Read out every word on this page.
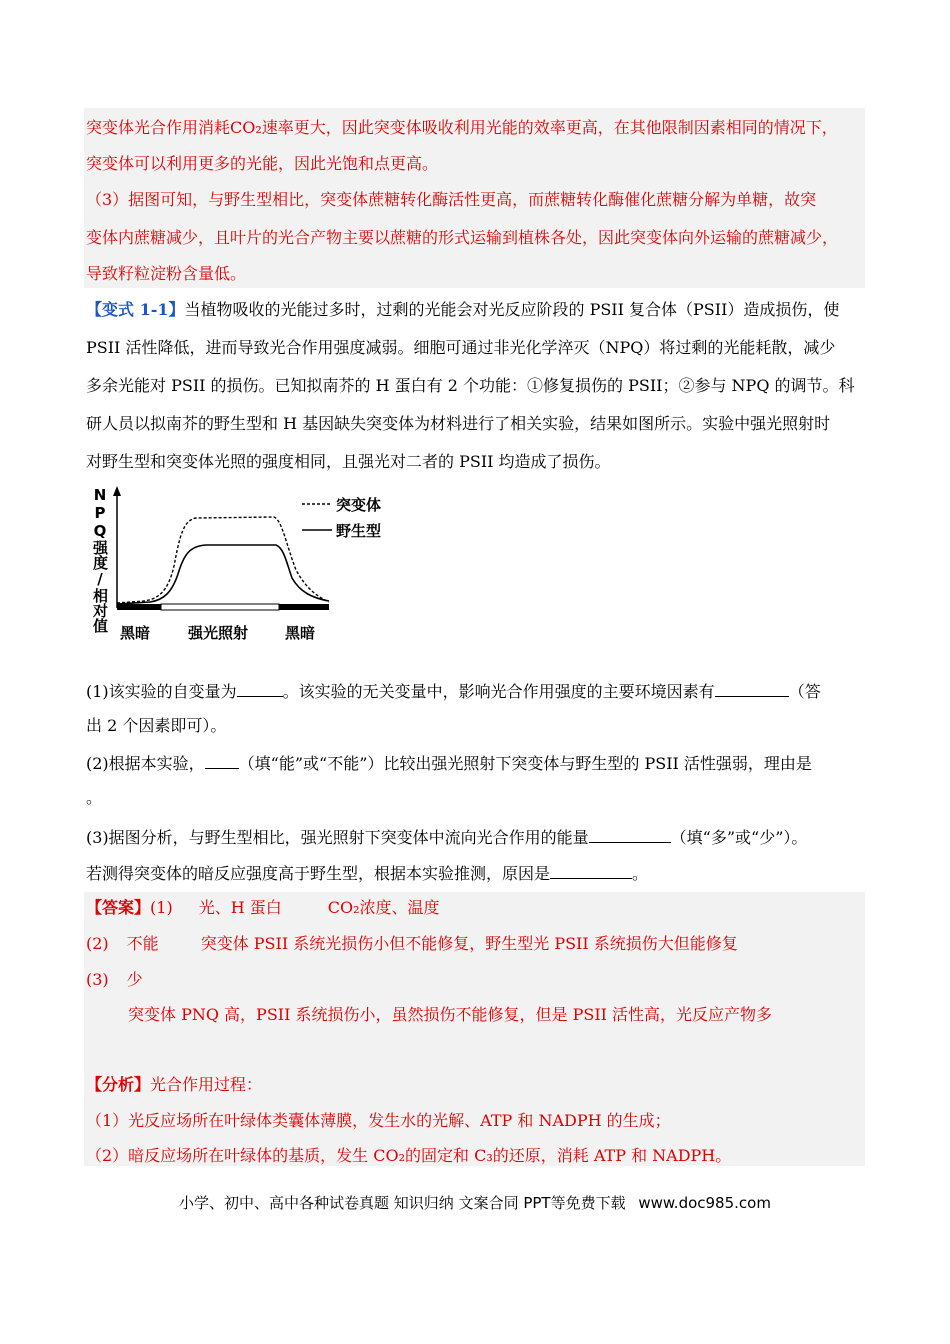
突变体光合作用消耗CO₂速率更大，因此突变体吸收利用光能的效率更高，在其他限制因素相同的情况下，
突变体可以利用更多的光能，因此光饱和点更高。
（3）据图可知，与野生型相比，突变体蔗糖转化酶活性更高，而蔗糖转化酶催化蔗糖分解为单糖，故突
变体内蔗糖减少，且叶片的光合产物主要以蔗糖的形式运输到植株各处，因此突变体向外运输的蔗糖减少，
导致籽粒淀粉含量低。
【变式 1-1】当植物吸收的光能过多时，过剩的光能会对光反应阶段的 PSII 复合体（PSII）造成损伤，使
PSII 活性降低，进而导致光合作用强度减弱。细胞可通过非光化学淬灭（NPQ）将过剩的光能耗散，减少
多余光能对 PSII 的损伤。已知拟南芥的 H 蛋白有 2 个功能：①修复损伤的 PSII；②参与 NPQ 的调节。科
研人员以拟南芥的野生型和 H 基因缺失突变体为材料进行了相关实验，结果如图所示。实验中强光照射时
对野生型和突变体光照的强度相同，且强光对二者的 PSII 均造成了损伤。
NPQ强度/相对值	突变体
野生型
黑暗	强光照射 黑暗
(1)该实验的自变量为	。该实验的无关变量中，影响光合作用强度的主要环境因素有	（答
出 2 个因素即可）。
(2)根据本实验， （填“能”或“不能”）比较出强光照射下突变体与野生型的 PSII 活性强弱，理由是
。
(3)据图分析，与野生型相比，强光照射下突变体中流向光合作用的能量	（填“多”或“少”）。
若测得突变体的暗反应强度高于野生型，根据本实验推测，原因是	。
【答案】(1) 光、H 蛋白	CO₂浓度、温度
(2) 不能	突变体 PSII 系统光损伤小但不能修复，野生型光 PSII 系统损伤大但能修复
(3) 少
突变体 PNQ 高，PSII 系统损伤小，虽然损伤不能修复，但是 PSII 活性高，光反应产物多
【分析】光合作用过程：
（1）光反应场所在叶绿体类囊体薄膜，发生水的光解、ATP 和 NADPH 的生成；
（2）暗反应场所在叶绿体的基质，发生 CO₂的固定和 C₃的还原，消耗 ATP 和 NADPH。
小学、初中、高中各种试卷真题 知识归纳 文案合同 PPT等免费下载 www.doc985.com
